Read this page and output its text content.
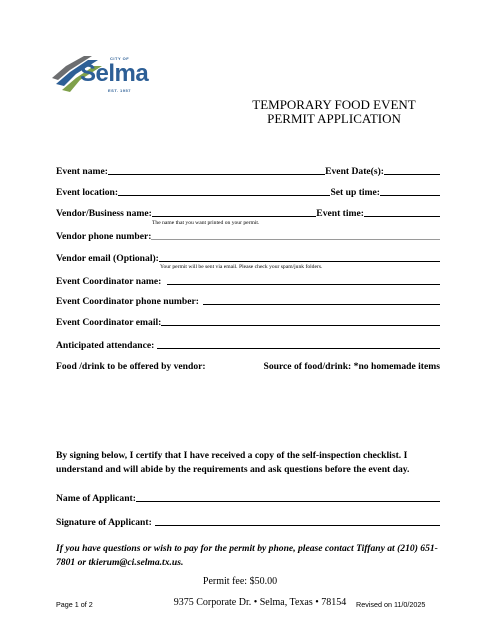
CITY OF
Selma
EST. 1957
TEMPORARY FOOD EVENT
PERMIT APPLICATION
Event name:	Event Date(s):
Event location:	Set up time:
Vendor/Business name:	Event time:
The name that you want printed on your permit.
Vendor phone number:
Vendor email (Optional):
Your permit will be sent via email. Please check your spam/junk folders.
Event Coordinator name:
Event Coordinator phone number:
Event Coordinator email:
Anticipated attendance:
Food /drink to be offered by vendor:	Source of food/drink: *no homemade items
By signing below, I certify that I have received a copy of the self-inspection checklist. I understand and will abide by the requirements and ask questions before the event day.
Name of Applicant:
Signature of Applicant:
If you have questions or wish to pay for the permit by phone, please contact Tiffany at (210) 651-7801 or tkierum@ci.selma.tx.us.
Permit fee: $50.00
Page 1 of 2	9375 Corporate Dr. • Selma, Texas • 78154	Revised on 11/0/2025
